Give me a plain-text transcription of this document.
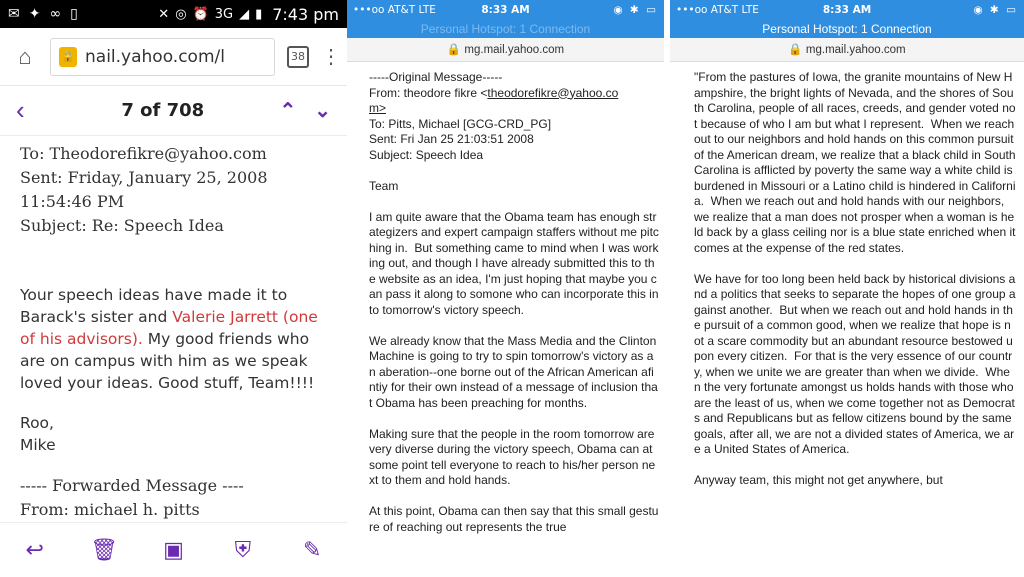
✉ ✦ ∞ ▯	✕ ◎ ⏰ 3G ◢ ▮ 7:43 pm
⌂	🔒 nail.yahoo.com/l	38 ⋮
‹	7 of 708	⌃ ⌄

To: Theodorefikre@yahoo.com

Sent: Friday, January 25, 2008

11:54:46 PM

Subject: Re: Speech Idea

Your speech ideas have made it to Barack's sister and Valerie Jarrett (one of his advisors). My good friends who are on campus with him as we speak loved your ideas. Good stuff, Team!!!!

Roo,

Mike

----- Forwarded Message ----

From: michael h. pitts

↩ 🗑 ▣	⛨	✎
•••oo AT&T LTE	8:33 AM	◉ ✱ ▭
Personal Hotspot: 1 Connection
🔒 mg.mail.yahoo.com

-----Original Message-----
From: theodore fikre <theodorefikre@yahoo.co
m>
To: Pitts, Michael [GCG-CRD_PG]
Sent: Fri Jan 25 21:03:51 2008
Subject: Speech Idea

Team

I am quite aware that the Obama team has enough strategizers and expert campaign staffers without me pitching in.  But something came to mind when I was working out, and though I have already submitted this to the website as an idea, I'm just hoping that maybe you can pass it along to somone who can incorporate this into tomorrow's victory speech.

We already know that the Mass Media and the Clinton Machine is going to try to spin tomorrow's victory as an aberation--one borne out of the African American afintiy for their own instead of a message of inclusion that Obama has been preaching for months.

Making sure that the people in the room tomorrow are very diverse during the victory speech, Obama can at some point tell everyone to reach to his/her person next to them and hold hands.

At this point, Obama can then say that this small gesture of reaching out represents the true

•••oo AT&T LTE	8:33 AM	◉ ✱ ▭
Personal Hotspot: 1 Connection
🔒 mg.mail.yahoo.com

"From the pastures of Iowa, the granite mountains of New Hampshire, the bright lights of Nevada, and the shores of South Carolina, people of all races, creeds, and gender voted not because of who I am but what I represent.  When we reach out to our neighbors and hold hands on this common pursuit of the American dream, we realize that a black child in South Carolina is afflicted by poverty the same way a white child is burdened in Missouri or a Latino child is hindered in California.  When we reach out and hold hands with our neighbors, we realize that a man does not prosper when a woman is held back by a glass ceiling nor is a blue state enriched when it comes at the expense of the red states.

We have for too long been held back by historical divisions and a politics that seeks to separate the hopes of one group against another.  But when we reach out and hold hands in the pursuit of a common good, when we realize that hope is not a scare commodity but an abundant resource bestowed upon every citizen.  For that is the very essence of our country, when we unite we are greater than when we divide.  When the very fortunate amongst us holds hands with those who are the least of us, when we come together not as Democrats and Republicans but as fellow citizens bound by the same goals, after all, we are not a divided states of America, we are a United States of America.

Anyway team, this might not get anywhere, but
